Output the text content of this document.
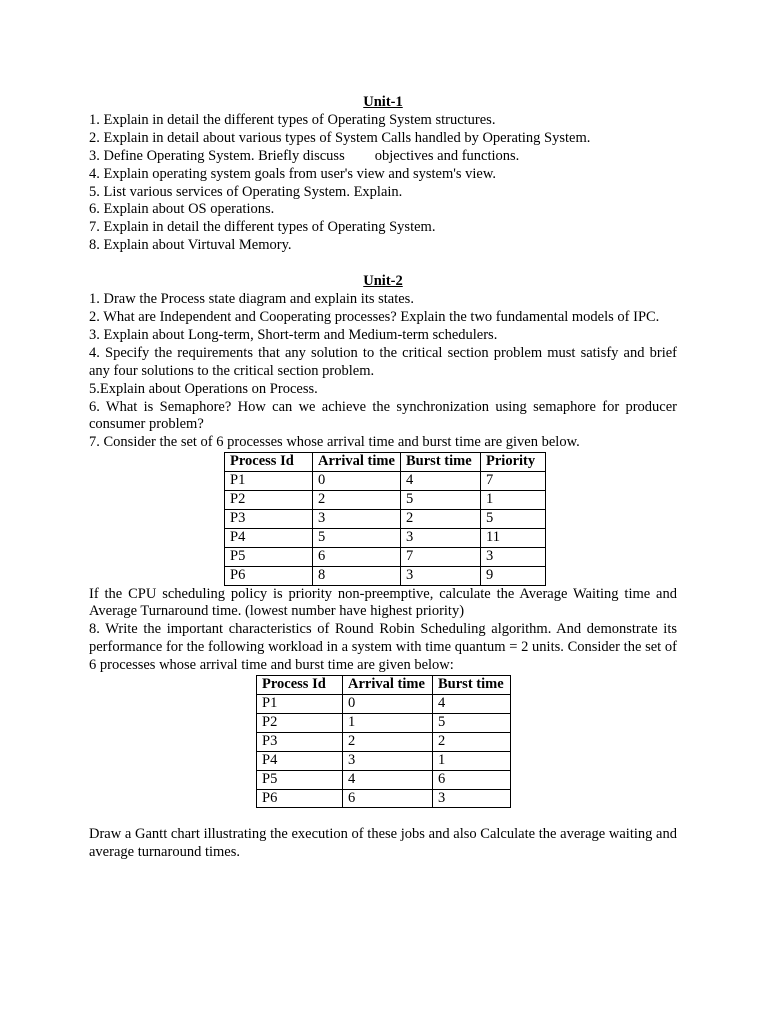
Unit-1
1. Explain in detail the different types of Operating System structures.
2. Explain in detail about various types of System Calls handled by Operating System.
3. Define Operating System. Briefly discuss objectives and functions.
4. Explain operating system goals from user's view and system's view.
5. List various services of Operating System. Explain.
6. Explain about OS operations.
7. Explain in detail the different types of Operating System.
8. Explain about Virtuval Memory.
Unit-2
1. Draw the Process state diagram and explain its states.
2. What are Independent and Cooperating processes? Explain the two fundamental models of IPC.
3. Explain about Long-term, Short-term and Medium-term schedulers.
4. Specify the requirements that any solution to the critical section problem must satisfy and brief any four solutions to the critical section problem.
5.Explain about Operations on Process.
6. What is Semaphore? How can we achieve the synchronization using semaphore for producer consumer problem?
7. Consider the set of 6 processes whose arrival time and burst time are given below.
Process Id	Arrival time	Burst time	Priority
P1	0	4	7
P2	2	5	1
P3	3	2	5
P4	5	3	11
P5	6	7	3
P6	8	3	9
If the CPU scheduling policy is priority non-preemptive, calculate the Average Waiting time and Average Turnaround time. (lowest number have highest priority)
8. Write the important characteristics of Round Robin Scheduling algorithm. And demonstrate its performance for the following workload in a system with time quantum = 2 units. Consider the set of 6 processes whose arrival time and burst time are given below:
Process Id	Arrival time	Burst time
P1	0	4
P2	1	5
P3	2	2
P4	3	1
P5	4	6
P6	6	3
Draw a Gantt chart illustrating the execution of these jobs and also Calculate the average waiting and average turnaround times.
